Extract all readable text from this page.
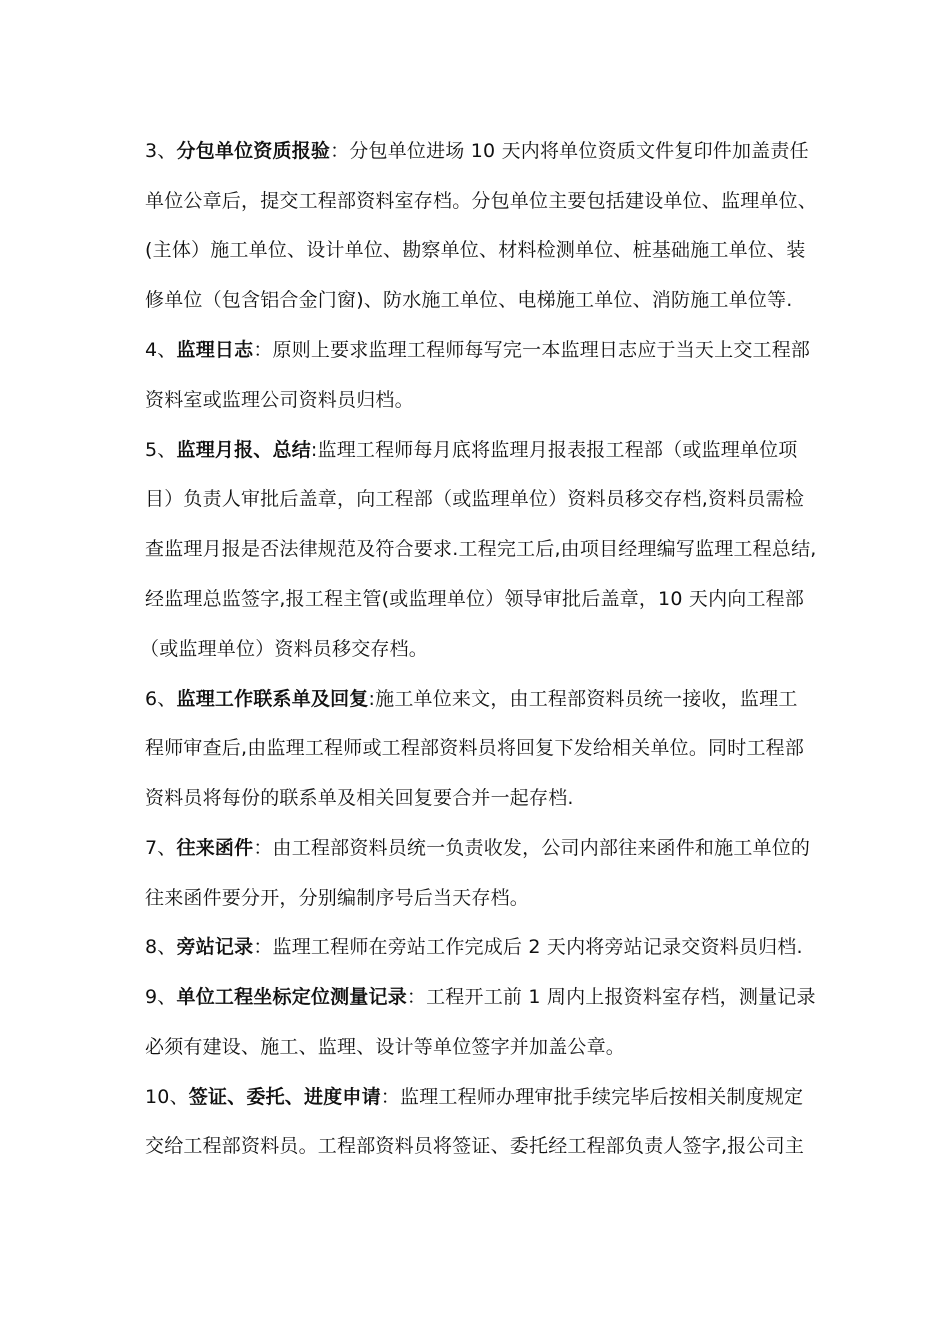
3、分包单位资质报验：分包单位进场 10 天内将单位资质文件复印件加盖责任
单位公章后，提交工程部资料室存档。分包单位主要包括建设单位、监理单位、
(主体）施工单位、设计单位、勘察单位、材料检测单位、桩基础施工单位、装
修单位（包含铝合金门窗)、防水施工单位、电梯施工单位、消防施工单位等.
4、监理日志：原则上要求监理工程师每写完一本监理日志应于当天上交工程部
资料室或监理公司资料员归档。
5、监理月报、总结:监理工程师每月底将监理月报表报工程部（或监理单位项
目）负责人审批后盖章，向工程部（或监理单位）资料员移交存档,资料员需检
查监理月报是否法律规范及符合要求.工程完工后,由项目经理编写监理工程总结,
经监理总监签字,报工程主管(或监理单位）领导审批后盖章，10 天内向工程部
（或监理单位）资料员移交存档。
6、监理工作联系单及回复:施工单位来文，由工程部资料员统一接收，监理工
程师审查后,由监理工程师或工程部资料员将回复下发给相关单位。同时工程部
资料员将每份的联系单及相关回复要合并一起存档.
7、往来函件：由工程部资料员统一负责收发，公司内部往来函件和施工单位的
往来函件要分开，分别编制序号后当天存档。
8、旁站记录：监理工程师在旁站工作完成后 2 天内将旁站记录交资料员归档.
9、单位工程坐标定位测量记录：工程开工前 1 周内上报资料室存档，测量记录
必须有建设、施工、监理、设计等单位签字并加盖公章。
10、签证、委托、进度申请：监理工程师办理审批手续完毕后按相关制度规定
交给工程部资料员。工程部资料员将签证、委托经工程部负责人签字,报公司主
